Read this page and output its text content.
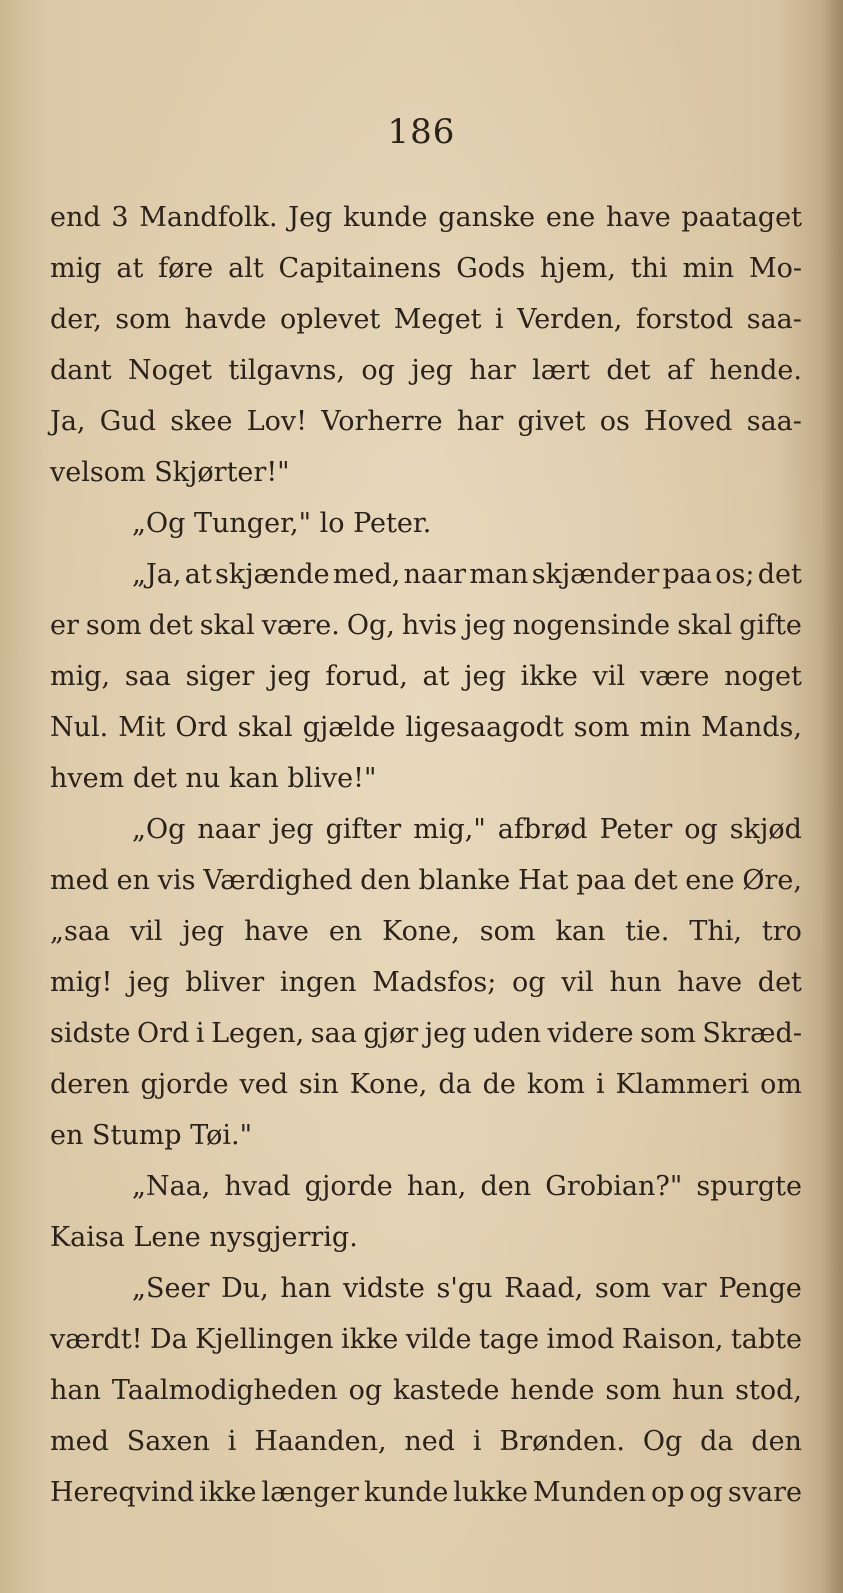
186
end 3 Mandfolk. Jeg kunde ganske ene have paataget
mig at føre alt Capitainens Gods hjem, thi min Mo-
der, som havde oplevet Meget i Verden, forstod saa-
dant Noget tilgavns, og jeg har lært det af hende.
Ja, Gud skee Lov! Vorherre har givet os Hoved saa-
velsom
Skjørter!"
„Og
Tunger,"
lo
Peter.
„Ja, at skjænde med, naar man skjænder paa os; det
er som det skal være. Og, hvis jeg nogensinde skal gifte
mig, saa siger jeg forud, at jeg ikke vil være noget
Nul. Mit Ord skal gjælde ligesaagodt som min Mands,
hvem
det
nu
kan
blive!"
„Og naar jeg gifter mig," afbrød Peter og skjød
med en vis Værdighed den blanke Hat paa det ene Øre,
„saa vil jeg have en Kone, som kan tie. Thi, tro
mig! jeg bliver ingen Madsfos; og vil hun have det
sidste Ord i Legen, saa gjør jeg uden videre som Skræd-
deren gjorde ved sin Kone, da de kom i Klammeri om
en
Stump
Tøi."
„Naa, hvad gjorde han, den Grobian?" spurgte
Kaisa
Lene
nysgjerrig.
„Seer Du, han vidste s'gu Raad, som var Penge
værdt! Da Kjellingen ikke vilde tage imod Raison, tabte
han Taalmodigheden og kastede hende som hun stod,
med Saxen i Haanden, ned i Brønden. Og da den
Hereqvind ikke længer kunde lukke Munden op og svare
